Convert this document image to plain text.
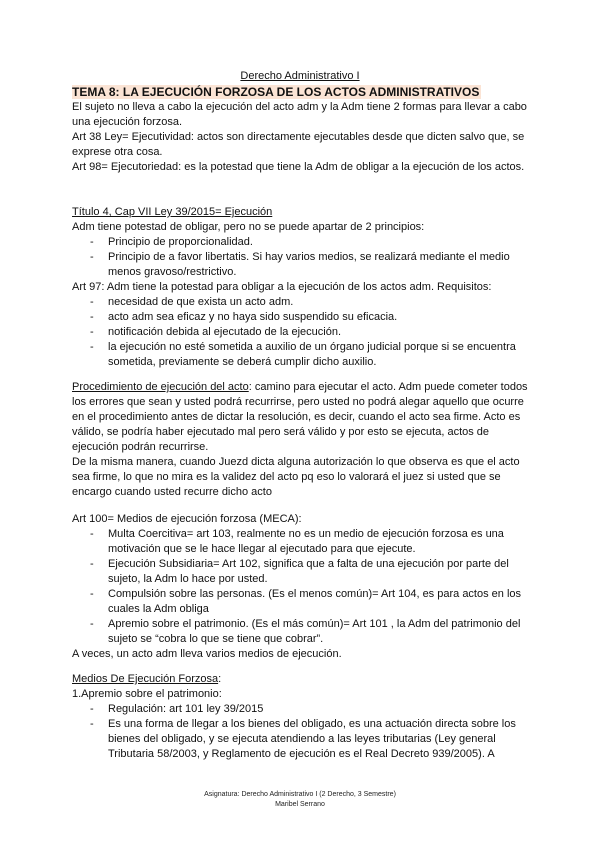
Derecho Administrativo I
TEMA 8: LA EJECUCIÓN FORZOSA DE LOS ACTOS ADMINISTRATIVOS

El sujeto no lleva a cabo la ejecución del acto adm y la Adm tiene 2 formas para llevar a cabo una ejecución forzosa.

Art 38 Ley= Ejecutividad: actos son directamente ejecutables desde que dicten salvo que, se exprese otra cosa.

Art 98= Ejecutoriedad: es la potestad que tiene la Adm de obligar a la ejecución de los actos.

Título 4, Cap VII Ley 39/2015= Ejecución

Adm tiene potestad de obligar, pero no se puede apartar de 2 principios:

- Principio de proporcionalidad.
- Principio de a favor libertatis. Si hay varios medios, se realizará mediante el medio menos gravoso/restrictivo.

Art 97: Adm tiene la potestad para obligar a la ejecución de los actos adm. Requisitos:

- necesidad de que exista un acto adm.
- acto adm sea eficaz y no haya sido suspendido su eficacia.
- notificación debida al ejecutado de la ejecución.
- la ejecución no esté sometida a auxilio de un órgano judicial porque si se encuentra sometida, previamente se deberá cumplir dicho auxilio.

Procedimiento de ejecución del acto: camino para ejecutar el acto. Adm puede cometer todos los errores que sean y usted podrá recurrirse, pero usted no podrá alegar aquello que ocurre en el procedimiento antes de dictar la resolución, es decir, cuando el acto sea firme. Acto es válido, se podría haber ejecutado mal pero será válido y por esto se ejecuta, actos de ejecución podrán recurrirse.

De la misma manera, cuando Juezd dicta alguna autorización lo que observa es que el acto sea firme, lo que no mira es la validez del acto pq eso lo valorará el juez si usted que se encargo cuando usted recurre dicho acto

Art 100= Medios de ejecución forzosa (MECA):

- Multa Coercitiva= art 103, realmente no es un medio de ejecución forzosa es una motivación que se le hace llegar al ejecutado para que ejecute.
- Ejecución Subsidiaria= Art 102, significa que a falta de una ejecución por parte del sujeto, la Adm lo hace por usted.
- Compulsión sobre las personas. (Es el menos común)= Art 104, es para actos en los cuales la Adm obliga
- Apremio sobre el patrimonio. (Es el más común)= Art 101 , la Adm del patrimonio del sujeto se “cobra lo que se tiene que cobrar”.

A veces, un acto adm lleva varios medios de ejecución.

Medios De Ejecución Forzosa:

1.Apremio sobre el patrimonio:

- Regulación: art 101 ley 39/2015
- Es una forma de llegar a los bienes del obligado, es una actuación directa sobre los bienes del obligado, y se ejecuta atendiendo a las leyes tributarias (Ley general Tributaria 58/2003, y Reglamento de ejecución es el Real Decreto 939/2005). A
Asignatura: Derecho Administrativo I (2 Derecho, 3 Semestre)
Maribel Serrano
